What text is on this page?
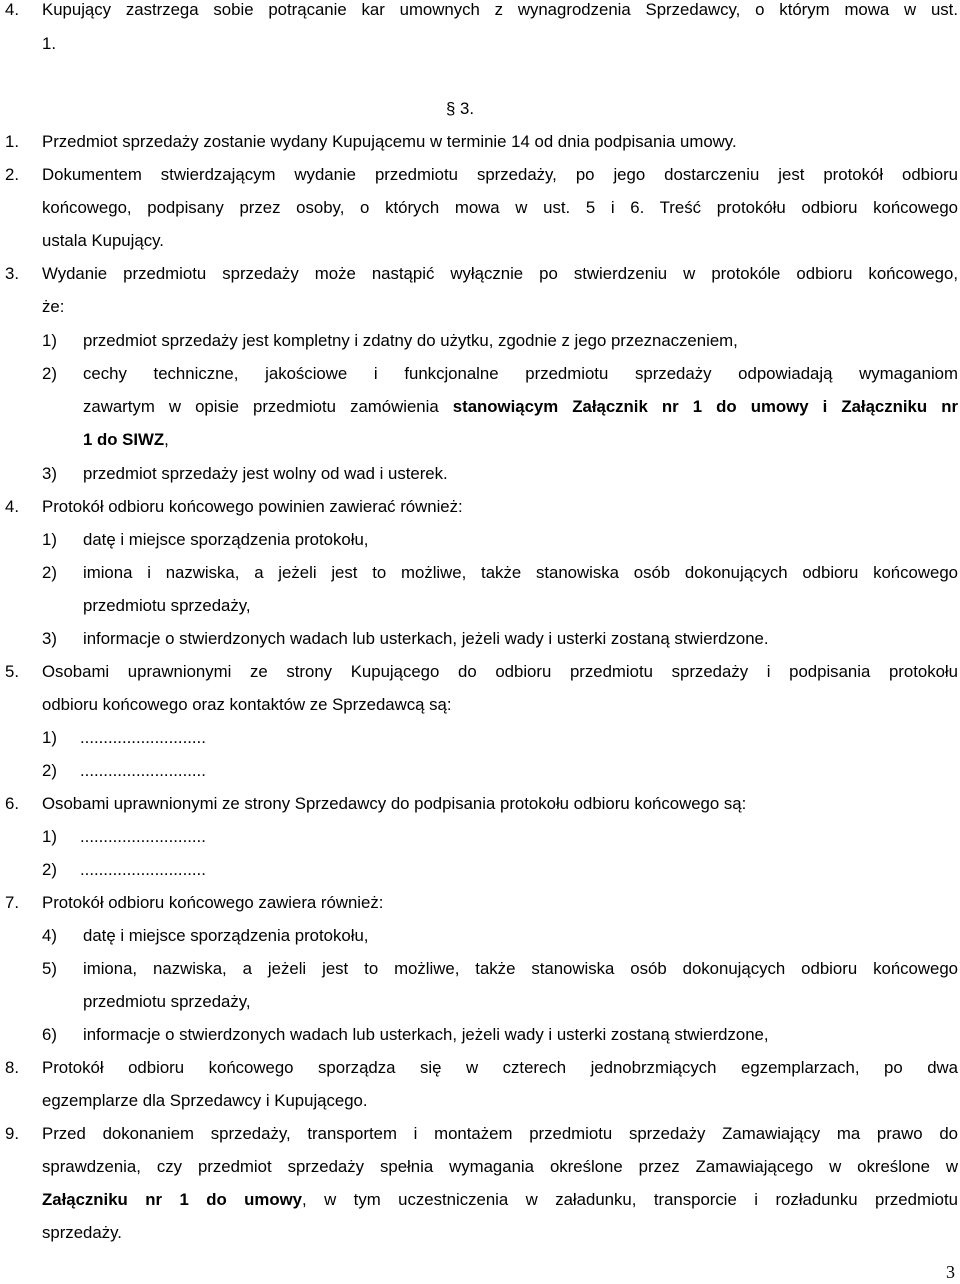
4. Kupujący zastrzega sobie potrącanie kar umownych z wynagrodzenia Sprzedawcy, o którym mowa w ust.
1.
§ 3.
1. Przedmiot sprzedaży zostanie wydany Kupującemu w terminie 14 od dnia podpisania umowy.
2. Dokumentem stwierdzającym wydanie przedmiotu sprzedaży, po jego dostarczeniu jest protokół odbioru
końcowego, podpisany przez osoby, o których mowa w ust. 5 i 6. Treść protokółu odbioru końcowego
ustala Kupujący.
3. Wydanie przedmiotu sprzedaży może nastąpić wyłącznie po stwierdzeniu w protokóle odbioru końcowego,
że:
1) przedmiot sprzedaży jest kompletny i zdatny do użytku, zgodnie z jego przeznaczeniem,
2) cechy techniczne, jakościowe i funkcjonalne przedmiotu sprzedaży odpowiadają wymaganiom
zawartym w opisie przedmiotu zamówienia stanowiącym Załącznik nr 1 do umowy i Załączniku nr
1 do SIWZ,
3) przedmiot sprzedaży jest wolny od wad i usterek.
4. Protokół odbioru końcowego powinien zawierać również:
1) datę i miejsce sporządzenia protokołu,
2) imiona i nazwiska, a jeżeli jest to możliwe, także stanowiska osób dokonujących odbioru końcowego
przedmiotu sprzedaży,
3) informacje o stwierdzonych wadach lub usterkach, jeżeli wady i usterki zostaną stwierdzone.
5. Osobami uprawnionymi ze strony Kupującego do odbioru przedmiotu sprzedaży i podpisania protokołu
odbioru końcowego oraz kontaktów ze Sprzedawcą są:
1) ...........................
2) ...........................
6. Osobami uprawnionymi ze strony Sprzedawcy do podpisania protokołu odbioru końcowego są:
1) ...........................
2) ...........................
7. Protokół odbioru końcowego zawiera również:
4) datę i miejsce sporządzenia protokołu,
5) imiona, nazwiska, a jeżeli jest to możliwe, także stanowiska osób dokonujących odbioru końcowego
przedmiotu sprzedaży,
6) informacje o stwierdzonych wadach lub usterkach, jeżeli wady i usterki zostaną stwierdzone,
8. Protokół odbioru końcowego sporządza się w czterech jednobrzmiących egzemplarzach, po dwa
egzemplarze dla Sprzedawcy i Kupującego.
9. Przed dokonaniem sprzedaży, transportem i montażem przedmiotu sprzedaży Zamawiający ma prawo do
sprawdzenia, czy przedmiot sprzedaży spełnia wymagania określone przez Zamawiającego w określone w
Załączniku nr 1 do umowy, w tym uczestniczenia w załadunku, transporcie i rozładunku przedmiotu
sprzedaży.
3
